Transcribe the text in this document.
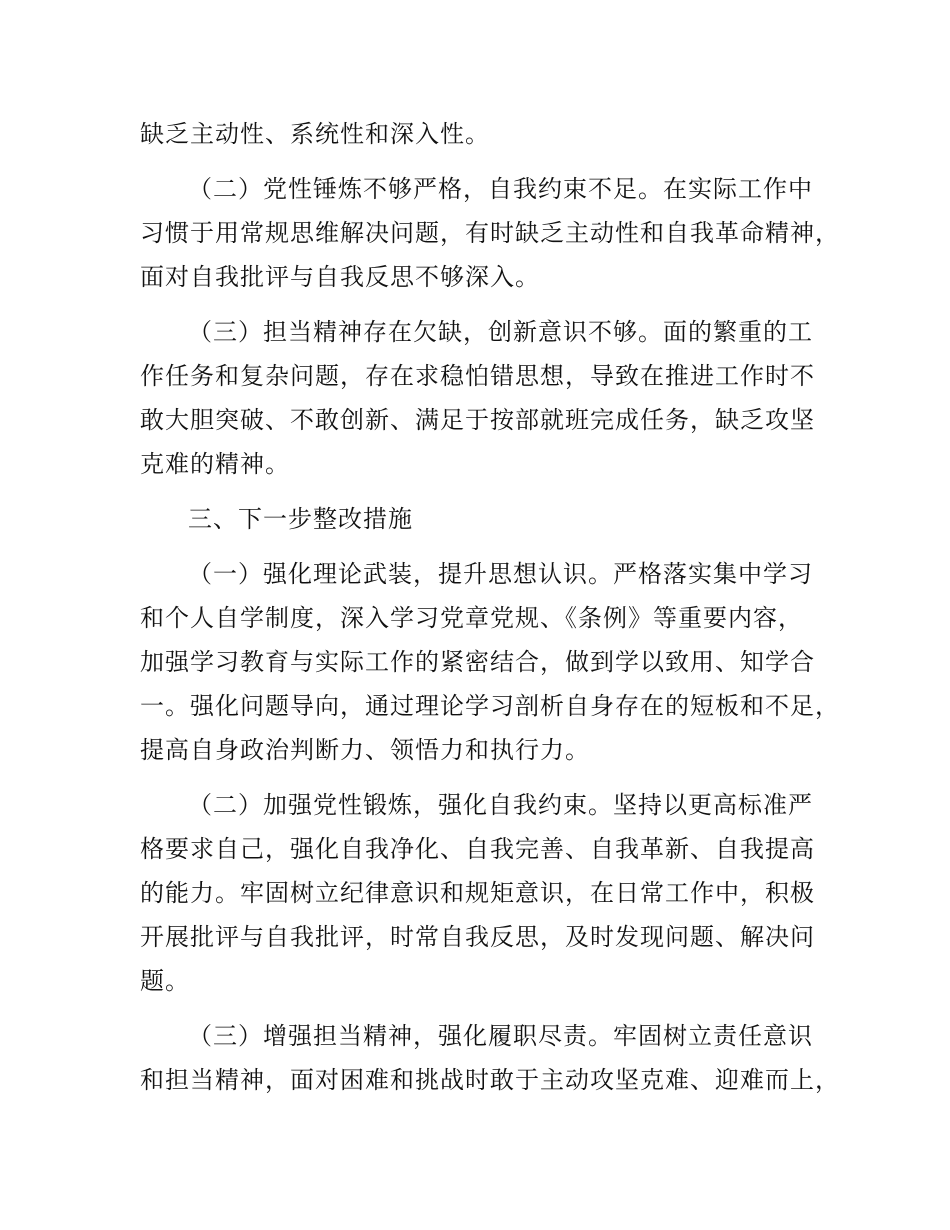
缺乏主动性、系统性和深入性。
（二）党性锤炼不够严格，自我约束不足。在实际工作中
习惯于用常规思维解决问题，有时缺乏主动性和自我革命精神，
面对自我批评与自我反思不够深入。
（三）担当精神存在欠缺，创新意识不够。面的繁重的工
作任务和复杂问题，存在求稳怕错思想，导致在推进工作时不
敢大胆突破、不敢创新、满足于按部就班完成任务，缺乏攻坚
克难的精神。
三、下一步整改措施
（一）强化理论武装，提升思想认识。严格落实集中学习
和个人自学制度，深入学习党章党规、《条例》等重要内容，
加强学习教育与实际工作的紧密结合，做到学以致用、知学合
一。强化问题导向，通过理论学习剖析自身存在的短板和不足，
提高自身政治判断力、领悟力和执行力。
（二）加强党性锻炼，强化自我约束。坚持以更高标准严
格要求自己，强化自我净化、自我完善、自我革新、自我提高
的能力。牢固树立纪律意识和规矩意识，在日常工作中，积极
开展批评与自我批评，时常自我反思，及时发现问题、解决问
题。
（三）增强担当精神，强化履职尽责。牢固树立责任意识
和担当精神，面对困难和挑战时敢于主动攻坚克难、迎难而上，
